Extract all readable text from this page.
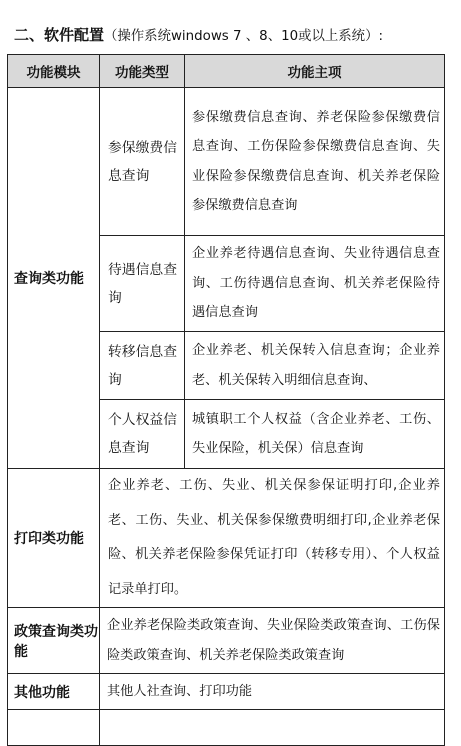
二、软件配置（操作系统windows 7 、8、10或以上系统）:
功能模块	功能类型	功能主项
查询类功能	参保缴费信息查询	参保缴费信息查询、养老保险参保缴费信息查询、工伤保险参保缴费信息查询、失业保险参保缴费信息查询、机关养老保险参保缴费信息查询
	待遇信息查询	企业养老待遇信息查询、失业待遇信息查询、工伤待遇信息查询、机关养老保险待遇信息查询
	转移信息查询	企业养老、机关保转入信息查询；企业养老、机关保转入明细信息查询、
	个人权益信息查询	城镇职工个人权益（含企业养老、工伤、失业保险，机关保）信息查询
打印类功能	企业养老、工伤、失业、机关保参保证明打印,企业养老、工伤、失业、机关保参保缴费明细打印,企业养老保险、机关养老保险参保凭证打印（转移专用）、个人权益记录单打印。	
政策查询类功能	企业养老保险类政策查询、失业保险类政策查询、工伤保险类政策查询、机关养老保险类政策查询	
其他功能	其他人社查询、打印功能	
